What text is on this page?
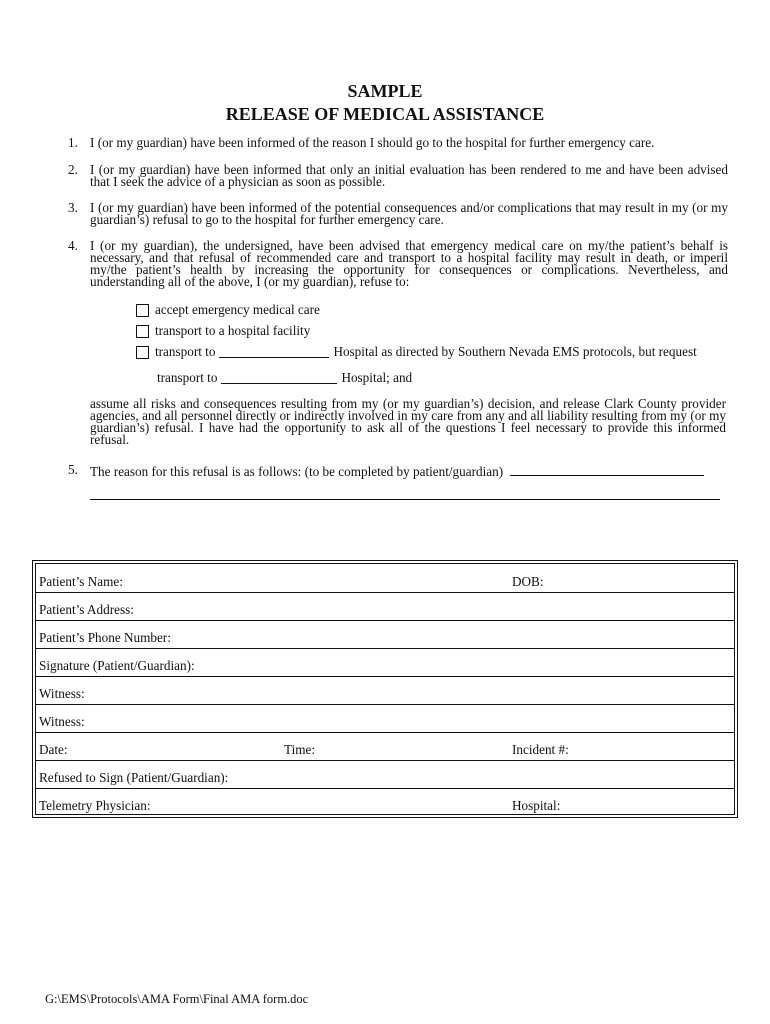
SAMPLE
RELEASE OF MEDICAL ASSISTANCE
1. I (or my guardian) have been informed of the reason I should go to the hospital for further emergency care.
2. I (or my guardian) have been informed that only an initial evaluation has been rendered to me and have been advised that I seek the advice of a physician as soon as possible.
3. I (or my guardian) have been informed of the potential consequences and/or complications that may result in my (or my guardian’s) refusal to go to the hospital for further emergency care.
4. I (or my guardian), the undersigned, have been advised that emergency medical care on my/the patient’s behalf is necessary, and that refusal of recommended care and transport to a hospital facility may result in death, or imperil my/the patient’s health by increasing the opportunity for consequences or complications. Nevertheless, and understanding all of the above, I (or my guardian), refuse to:
accept emergency medical care
transport to a hospital facility
transport to	Hospital as directed by Southern Nevada EMS protocols, but request
transport to	Hospital; and
assume all risks and consequences resulting from my (or my guardian’s) decision, and release Clark County provider agencies, and all personnel directly or indirectly involved in my care from any and all liability resulting from my (or my guardian’s) refusal. I have had the opportunity to ask all of the questions I feel necessary to provide this informed refusal.
5. The reason for this refusal is as follows: (to be completed by patient/guardian)
Patient’s Name:	DOB:
Patient’s Address:
Patient’s Phone Number:
Signature (Patient/Guardian):
Witness:
Witness:
Date:	Time:	Incident #:
Refused to Sign (Patient/Guardian):
Telemetry Physician:	Hospital:
G:\EMS\Protocols\AMA Form\Final AMA form.doc
